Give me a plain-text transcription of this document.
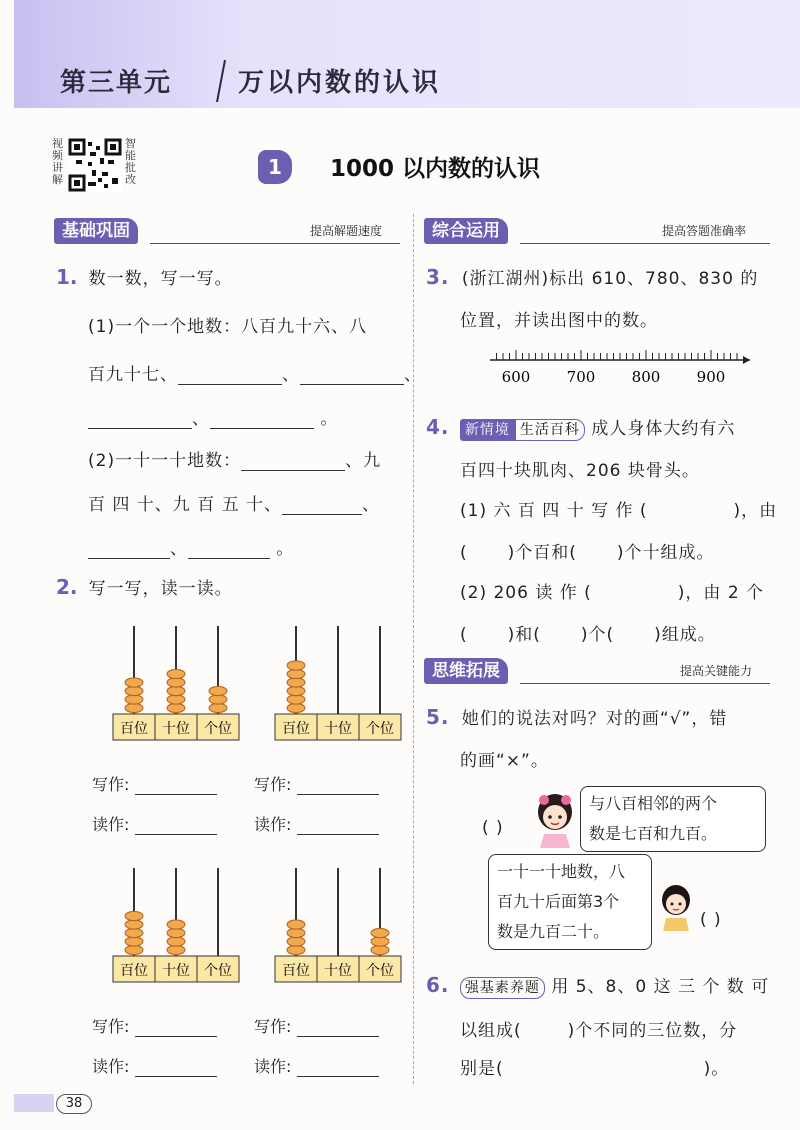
第三单元	万以内数的认识
视频讲解
智能批改
1	1000 以内数的认识
基础巩固	提高解题速度	综合运用	提高答题准确率
1. 数一数，写一写。
(1)一个一个地数：八百九十六、八
百九十七、	、	、
、	。
(2)一十一十地数：	、九
百 四 十、九 百 五 十、	、
、	。
2. 写一写，读一读。
百位 十位 个位
写作:
读作:
百位 十位 个位
写作:
读作:
百位 十位 个位
写作:
读作:
百位 十位 个位
写作:
读作:
3. (浙江湖州)标出 610、780、830 的
位置，并读出图中的数。
600 700 800 900
4. 新情境 生活百科 成人身体大约有六
百四十块肌肉、206 块骨头。
(1) 六 百 四 十 写 作 (	)，由
( )个百和( )个十组成。
(2) 206 读 作 (	)，由 2 个
( )和( )个( )组成。
思维拓展	提高关键能力
5. 她们的说法对吗？对的画“√”，错
的画“×”。
( )
与八百相邻的两个
数是七百和九百。
一十一十地数，八
百九十后面第3个
数是九百二十。
( )
6. 强基素养题 用 5、8、0 这 三 个 数 可
以组成(	)个不同的三位数，分
别是(	)。
38
